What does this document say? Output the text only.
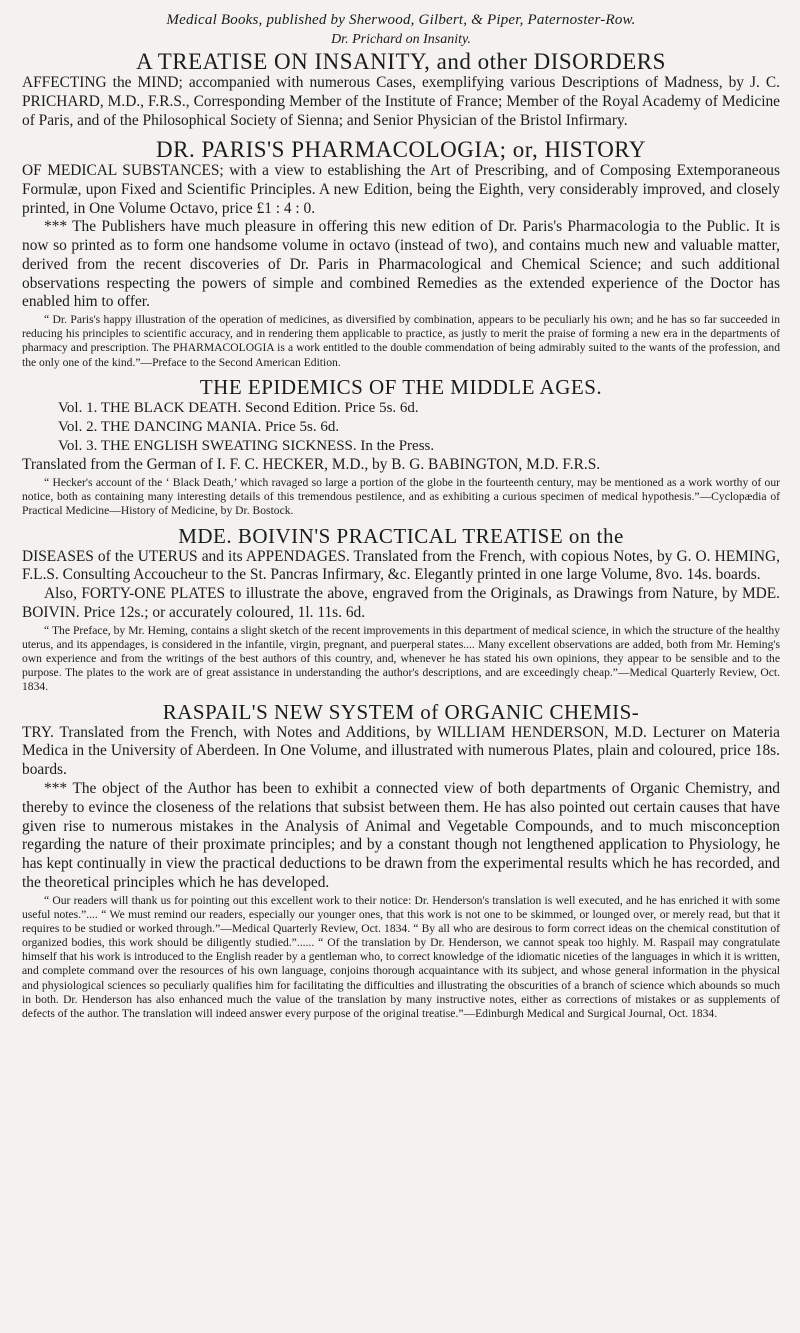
Medical Books, published by Sherwood, Gilbert, & Piper, Paternoster-Row.
Dr. Prichard on Insanity.
A TREATISE ON INSANITY, and other DISORDERS

AFFECTING the MIND; accompanied with numerous Cases, exemplifying various Descriptions of Madness, by J. C. PRICHARD, M.D., F.R.S., Corresponding Member of the Institute of France; Member of the Royal Academy of Medicine of Paris, and of the Philosophical Society of Sienna; and Senior Physician of the Bristol Infirmary.

DR. PARIS'S PHARMACOLOGIA; or, HISTORY

OF MEDICAL SUBSTANCES; with a view to establishing the Art of Prescribing, and of Composing Extemporaneous Formulæ, upon Fixed and Scientific Principles. A new Edition, being the Eighth, very considerably improved, and closely printed, in One Volume Octavo, price £1 : 4 : 0.

*** The Publishers have much pleasure in offering this new edition of Dr. Paris's Pharmacologia to the Public. It is now so printed as to form one handsome volume in octavo (instead of two), and contains much new and valuable matter, derived from the recent discoveries of Dr. Paris in Pharmacological and Chemical Science; and such additional observations respecting the powers of simple and combined Remedies as the extended experience of the Doctor has enabled him to offer.

“ Dr. Paris's happy illustration of the operation of medicines, as diversified by combination, appears to be peculiarly his own; and he has so far succeeded in reducing his principles to scientific accuracy, and in rendering them applicable to practice, as justly to merit the praise of forming a new era in the departments of pharmacy and prescription. The PHARMACOLOGIA is a work entitled to the double commendation of being admirably suited to the wants of the profession, and the only one of the kind.”—Preface to the Second American Edition.

THE EPIDEMICS OF THE MIDDLE AGES.
Vol. 1. THE BLACK DEATH. Second Edition. Price 5s. 6d.
Vol. 2. THE DANCING MANIA. Price 5s. 6d.
Vol. 3. THE ENGLISH SWEATING SICKNESS. In the Press.

Translated from the German of I. F. C. HECKER, M.D., by B. G. BABINGTON, M.D. F.R.S.

“ Hecker's account of the ‘ Black Death,’ which ravaged so large a portion of the globe in the fourteenth century, may be mentioned as a work worthy of our notice, both as containing many interesting details of this tremendous pestilence, and as exhibiting a curious specimen of medical hypothesis.”—Cyclopædia of Practical Medicine—History of Medicine, by Dr. Bostock.

MDE. BOIVIN'S PRACTICAL TREATISE on the

DISEASES of the UTERUS and its APPENDAGES. Translated from the French, with copious Notes, by G. O. HEMING, F.L.S. Consulting Accoucheur to the St. Pancras Infirmary, &c. Elegantly printed in one large Volume, 8vo. 14s. boards.

Also, FORTY-ONE PLATES to illustrate the above, engraved from the Originals, as Drawings from Nature, by MDE. BOIVIN. Price 12s.; or accurately coloured, 1l. 11s. 6d.

“ The Preface, by Mr. Heming, contains a slight sketch of the recent improvements in this department of medical science, in which the structure of the healthy uterus, and its appendages, is considered in the infantile, virgin, pregnant, and puerperal states.... Many excellent observations are added, both from Mr. Heming's own experience and from the writings of the best authors of this country, and, whenever he has stated his own opinions, they appear to be sensible and to the purpose. The plates to the work are of great assistance in understanding the author's descriptions, and are exceedingly cheap.”—Medical Quarterly Review, Oct. 1834.

RASPAIL'S NEW SYSTEM of ORGANIC CHEMIS-

TRY. Translated from the French, with Notes and Additions, by WILLIAM HENDERSON, M.D. Lecturer on Materia Medica in the University of Aberdeen. In One Volume, and illustrated with numerous Plates, plain and coloured, price 18s. boards.

*** The object of the Author has been to exhibit a connected view of both departments of Organic Chemistry, and thereby to evince the closeness of the relations that subsist between them. He has also pointed out certain causes that have given rise to numerous mistakes in the Analysis of Animal and Vegetable Compounds, and to much misconception regarding the nature of their proximate principles; and by a constant though not lengthened application to Physiology, he has kept continually in view the practical deductions to be drawn from the experimental results which he has recorded, and the theoretical principles which he has developed.

“ Our readers will thank us for pointing out this excellent work to their notice: Dr. Henderson's translation is well executed, and he has enriched it with some useful notes.”.... “ We must remind our readers, especially our younger ones, that this work is not one to be skimmed, or lounged over, or merely read, but that it requires to be studied or worked through.”—Medical Quarterly Review, Oct. 1834. “ By all who are desirous to form correct ideas on the chemical constitution of organized bodies, this work should be diligently studied.”...... “ Of the translation by Dr. Henderson, we cannot speak too highly. M. Raspail may congratulate himself that his work is introduced to the English reader by a gentleman who, to correct knowledge of the idiomatic niceties of the languages in which it is written, and complete command over the resources of his own language, conjoins thorough acquaintance with its subject, and whose general information in the physical and physiological sciences so peculiarly qualifies him for facilitating the difficulties and illustrating the obscurities of a branch of science which abounds so much in both. Dr. Henderson has also enhanced much the value of the translation by many instructive notes, either as corrections of mistakes or as supplements of defects of the author. The translation will indeed answer every purpose of the original treatise.”—Edinburgh Medical and Surgical Journal, Oct. 1834.
